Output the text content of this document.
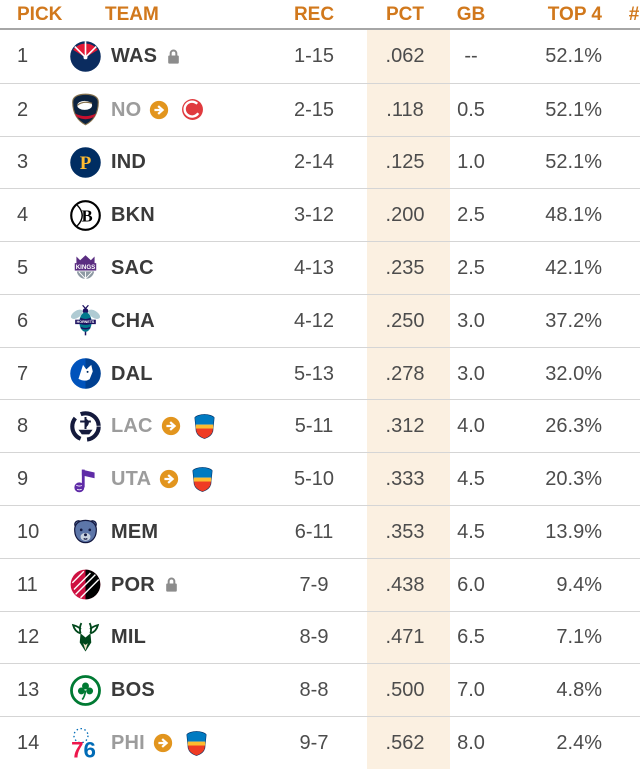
PICK	TEAM	REC	PCT	GB	TOP 4	#
1	WAS	1-15	.062	--	52.1%
2	NO	2-15	.118	0.5	52.1%
3	P IND	2-14	.125	1.0	52.1%
4	B BKN	3-12	.200	2.5	48.1%
5	KINGS SAC	4-13	.235	2.5	42.1%
6	HORNETS CHA	4-12	.250	3.0	37.2%
7	DAL	5-13	.278	3.0	32.0%
8	LAC	5-11	.312	4.0	26.3%
9	UTA	5-10	.333	4.5	20.3%
10	MEM	6-11	.353	4.5	13.9%
11	POR	7-9	.438	6.0	9.4%
12	MIL	8-9	.471	6.5	7.1%
13	BOS	8-8	.500	7.0	4.8%
14	7 6 PHI	9-7	.562	8.0	2.4%
